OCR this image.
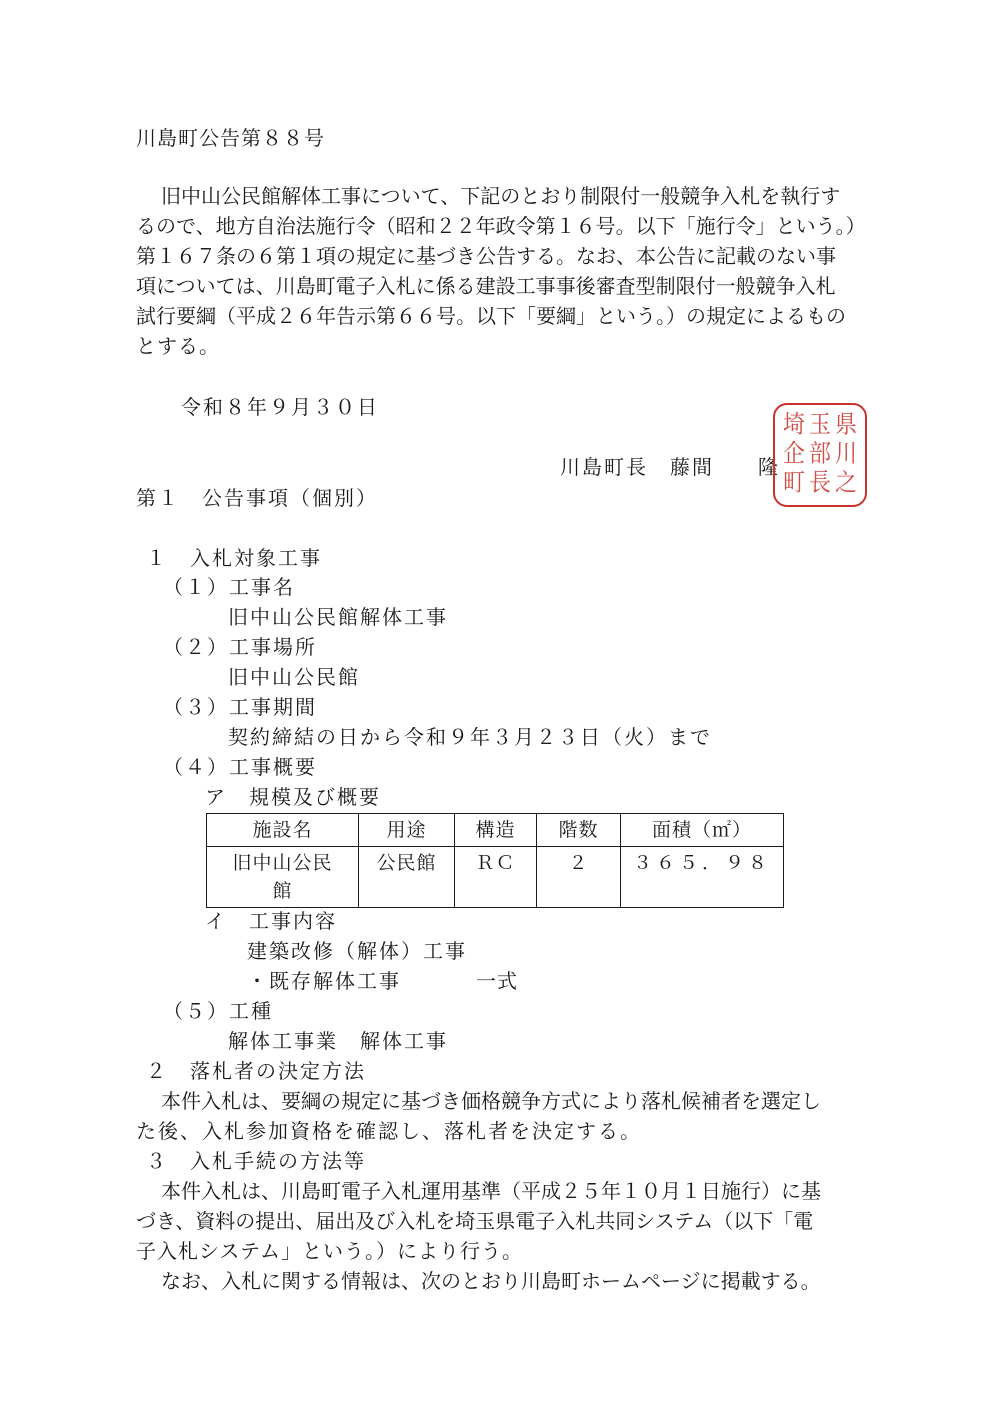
川島町公告第８８号
旧中山公民館解体工事について、下記のとおり制限付一般競争入札を執行す
るので、地方自治法施行令（昭和２２年政令第１６号。以下「施行令」という。）
第１６７条の６第１項の規定に基づき公告する。なお、本公告に記載のない事
項については、川島町電子入札に係る建設工事事後審査型制限付一般競争入札
試行要綱（平成２６年告示第６６号。以下「要綱」という。）の規定によるもの
とする。
令和８年９月３０日
川島町長　藤間　　隆
埼 玉 県
企 部 川
町 長 之
第１　公告事項（個別）
１　入札対象工事
（１）工事名
旧中山公民館解体工事
（２）工事場所
旧中山公民館
（３）工事期間
契約締結の日から令和９年３月２３日（火）まで
（４）工事概要
ア　規模及び概要
施設名	用途	構造	階数	面積（㎡）

旧中山公民
館	公民館	ＲＣ	２	３６５．９８
イ　工事内容
建築改修（解体）工事
・既存解体工事	一式
（５）工種
解体工事業　解体工事
２　落札者の決定方法
本件入札は、要綱の規定に基づき価格競争方式により落札候補者を選定し
た後、入札参加資格を確認し、落札者を決定する。
３　入札手続の方法等
本件入札は、川島町電子入札運用基準（平成２５年１０月１日施行）に基
づき、資料の提出、届出及び入札を埼玉県電子入札共同システム（以下「電
子入札システム」という。）により行う。
なお、入札に関する情報は、次のとおり川島町ホームページに掲載する。
